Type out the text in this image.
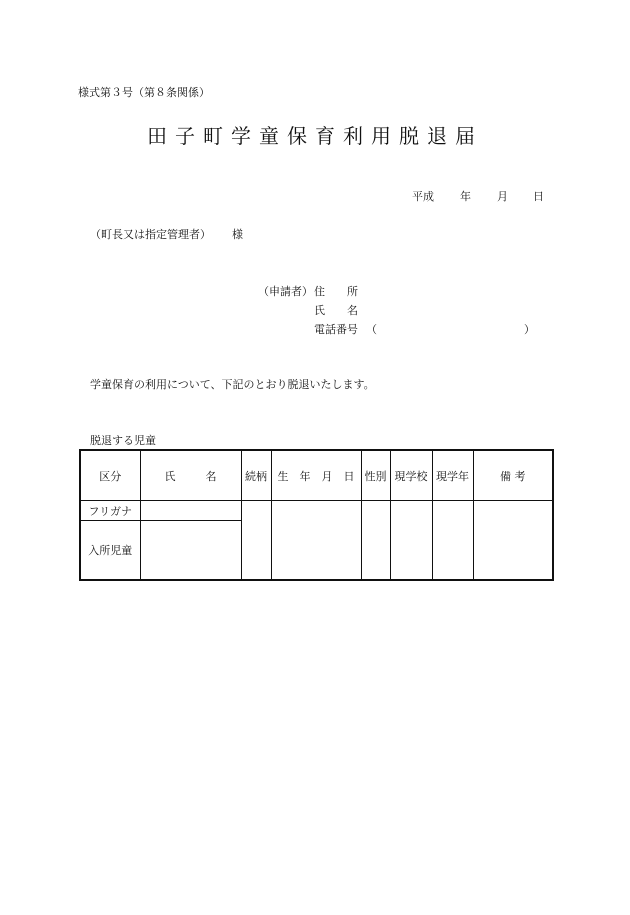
様式第３号（第８条関係）
田子町学童保育利用脱退届
平成 年 月 日
（町長又は指定管理者） 様
（申請者） 住　　所
氏　　名
電話番号 （	）
学童保育の利用について、下記のとおり脱退いたします。
脱退する児童
区分	氏 名	続柄	生　年　月　日	性別	現学校	現学年	備 考
フリガナ							
入所児童							
